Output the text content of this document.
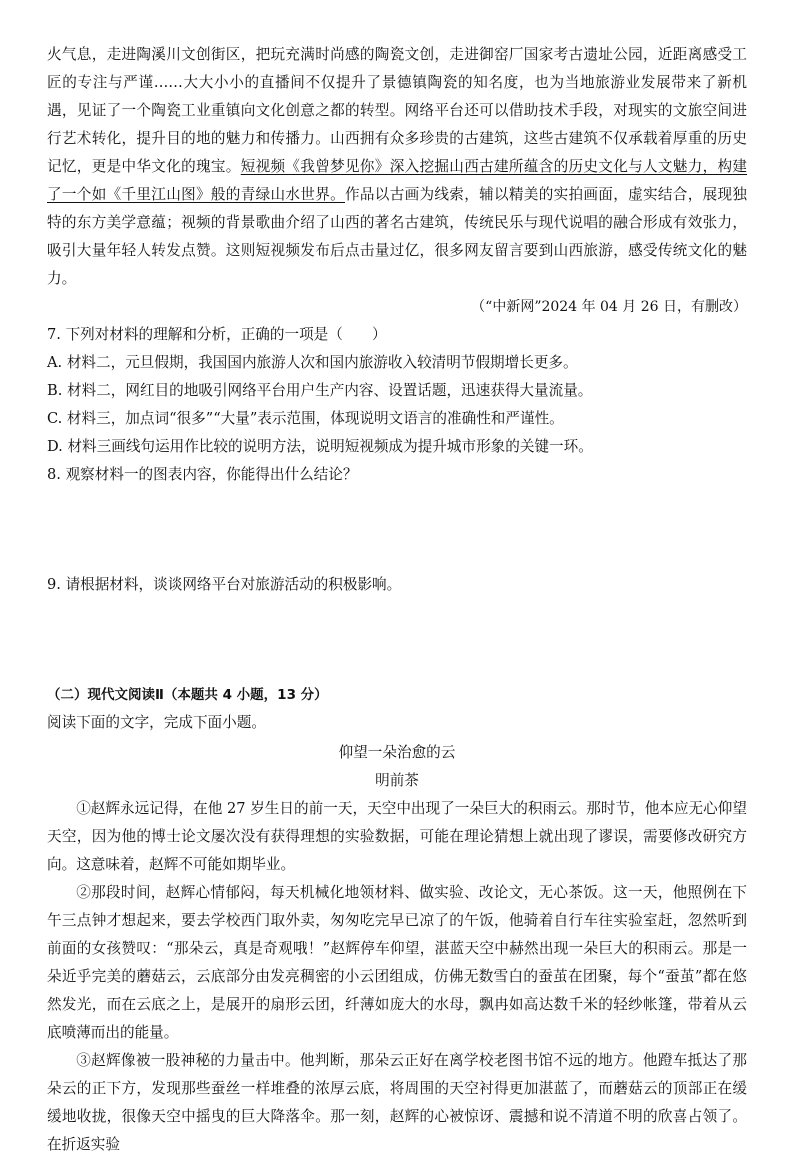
火气息，走进陶溪川文创街区，把玩充满时尚感的陶瓷文创，走进御窑厂国家考古遗址公园，近距离感受工匠的专注与严谨……大大小小的直播间不仅提升了景德镇陶瓷的知名度，也为当地旅游业发展带来了新机遇，见证了一个陶瓷工业重镇向文化创意之都的转型。网络平台还可以借助技术手段，对现实的文旅空间进行艺术转化，提升目的地的魅力和传播力。山西拥有众多珍贵的古建筑，这些古建筑不仅承载着厚重的历史记忆，更是中华文化的瑰宝。短视频《我曾梦见你》深入挖掘山西古建所蕴含的历史文化与人文魅力，构建了一个如《千里江山图》般的青绿山水世界。作品以古画为线索，辅以精美的实拍画面，虚实结合，展现独特的东方美学意蕴；视频的背景歌曲介绍了山西的著名古建筑，传统民乐与现代说唱的融合形成有效张力，吸引大量年轻人转发点赞。这则短视频发布后点击量过亿，很多网友留言要到山西旅游，感受传统文化的魅力。

（“中新网”2024 年 04 月 26 日，有删改）

7. 下列对材料的理解和分析，正确的一项是（　　）

A. 材料二，元旦假期，我国国内旅游人次和国内旅游收入较清明节假期增长更多。

B. 材料二，网红目的地吸引网络平台用户生产内容、设置话题，迅速获得大量流量。

C. 材料三，加点词“很多”“大量”表示范围，体现说明文语言的准确性和严谨性。

D. 材料三画线句运用作比较的说明方法，说明短视频成为提升城市形象的关键一环。

8. 观察材料一的图表内容，你能得出什么结论？

9. 请根据材料，谈谈网络平台对旅游活动的积极影响。

（二）现代文阅读Ⅱ（本题共 4 小题，13 分）

阅读下面的文字，完成下面小题。

仰望一朵治愈的云

明前茶

①赵辉永远记得，在他 27 岁生日的前一天，天空中出现了一朵巨大的积雨云。那时节，他本应无心仰望天空，因为他的博士论文屡次没有获得理想的实验数据，可能在理论猜想上就出现了谬误，需要修改研究方向。这意味着，赵辉不可能如期毕业。

②那段时间，赵辉心情郁闷，每天机械化地领材料、做实验、改论文，无心茶饭。这一天，他照例在下午三点钟才想起来，要去学校西门取外卖，匆匆吃完早已凉了的午饭，他骑着自行车往实验室赶，忽然听到前面的女孩赞叹：“那朵云，真是奇观哦！”赵辉停车仰望，湛蓝天空中赫然出现一朵巨大的积雨云。那是一朵近乎完美的蘑菇云，云底部分由发亮稠密的小云团组成，仿佛无数雪白的蚕茧在团聚，每个“蚕茧”都在悠然发光，而在云底之上，是展开的扇形云团，纤薄如庞大的水母，飘冉如高达数千米的轻纱帐篷，带着从云底喷薄而出的能量。

③赵辉像被一股神秘的力量击中。他判断，那朵云正好在离学校老图书馆不远的地方。他蹬车抵达了那朵云的正下方，发现那些蚕丝一样堆叠的浓厚云底，将周围的天空衬得更加湛蓝了，而蘑菇云的顶部正在缓缓地收拢，很像天空中摇曳的巨大降落伞。那一刻，赵辉的心被惊讶、震撼和说不清道不明的欣喜占领了。在折返实验
